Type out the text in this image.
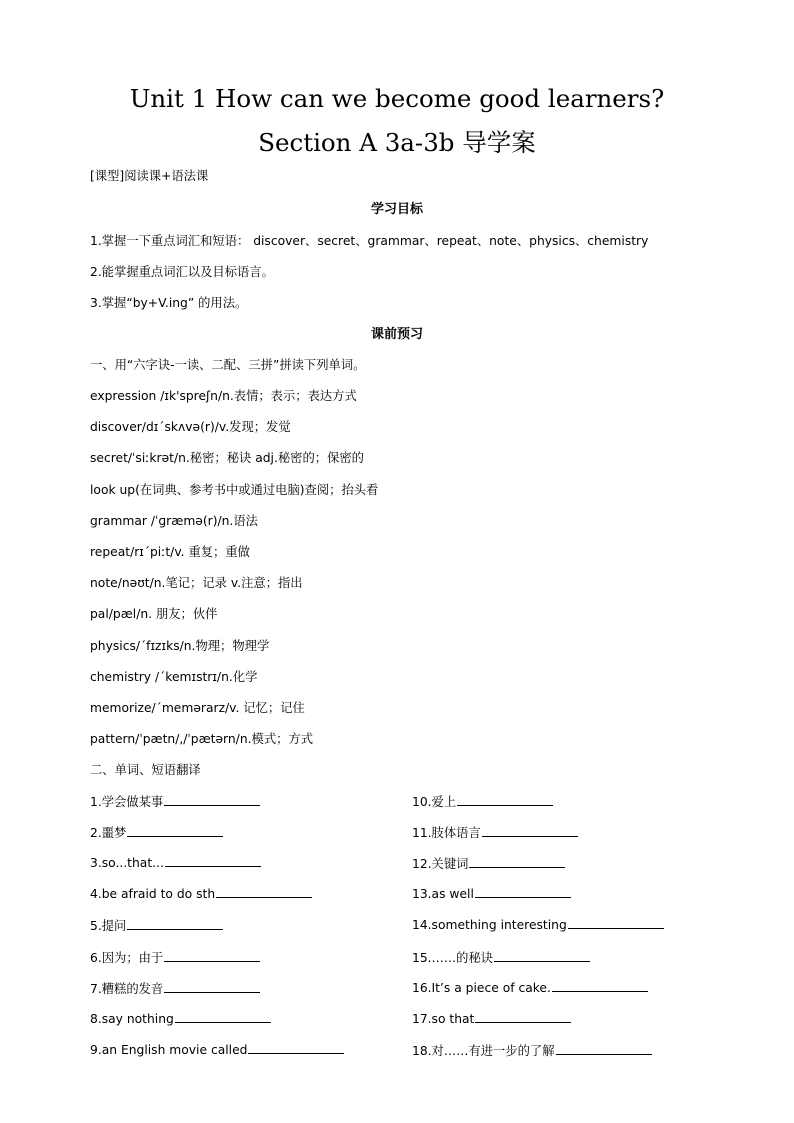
Unit 1 How can we become good learners?
Section A 3a-3b 导学案
[课型]阅读课+语法课
学习目标
1.掌握一下重点词汇和短语： discover、secret、grammar、repeat、note、physics、chemistry
2.能掌握重点词汇以及目标语言。
3.掌握“by+V.ing” 的用法。
课前预习
一、用“六字诀-一读、二配、三拼”拼读下列单词。
expression /ɪk'spreʃn/n.表情；表示；表达方式
discover/dɪˊskʌvə(r)/v.发现；发觉
secret/ˈsiːkrət/n.秘密；秘诀 adj.秘密的；保密的
look up(在词典、参考书中或通过电脑)查阅；抬头看
grammar /ˈɡræmə(r)/n.语法
repeat/rɪˊpiːt/v. 重复；重做
note/nəʊt/n.笔记；记录 v.注意；指出
pal/pæl/n. 朋友；伙伴
physics/ˊfɪzɪks/n.物理；物理学
chemistry /ˊkemɪstrɪ/n.化学
memorize/ˊmemərarz/v. 记忆；记住
pattern/ˈpætn/,/ˈpætərn/n.模式；方式
二、单词、短语翻译
1.学会做某事
2.噩梦
3.so...that...
4.be afraid to do sth
5.提问
6.因为；由于
7.糟糕的发音
8.say nothing
9.an English movie called
10.爱上
11.肢体语言
12.关键词
13.as well
14.something interesting
15.……的秘诀
16.It’s a piece of cake.
17.so that
18.对……有进一步的了解
